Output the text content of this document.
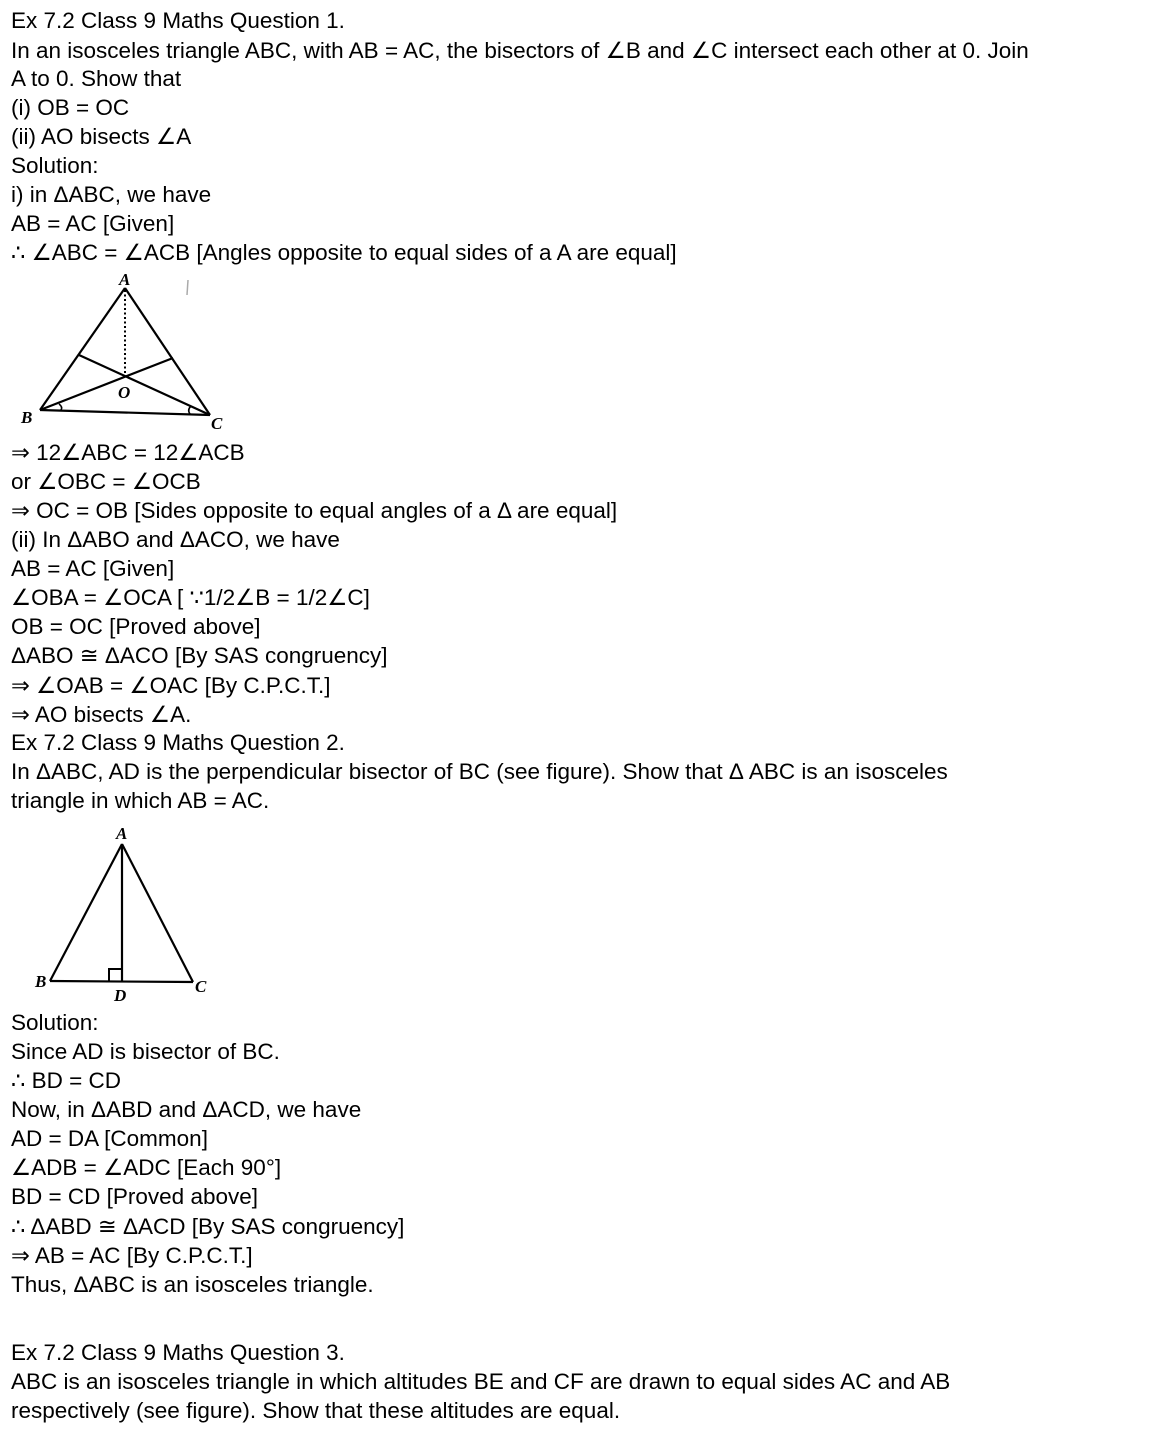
Ex 7.2 Class 9 Maths Question 1.
In an isosceles triangle ABC, with AB = AC, the bisectors of ∠B and ∠C intersect each other at 0. Join
A to 0. Show that
(i) OB = OC
(ii) AO bisects ∠A
Solution:
i) in ΔABC, we have
AB = AC [Given]
∴ ∠ABC = ∠ACB [Angles opposite to equal sides of a A are equal]
A
B	C
O
⇒ 12∠ABC = 12∠ACB
or ∠OBC = ∠OCB
⇒ OC = OB [Sides opposite to equal angles of a Δ are equal]
(ii) In ΔABO and ΔACO, we have
AB = AC [Given]
∠OBA = ∠OCA [ ∵1/2∠B = 1/2∠C]
OB = OC [Proved above]
ΔABO ≅ ΔACO [By SAS congruency]
⇒ ∠OAB = ∠OAC [By C.P.C.T.]
⇒ AO bisects ∠A.
Ex 7.2 Class 9 Maths Question 2.
In ΔABC, AD is the perpendicular bisector of BC (see figure). Show that Δ ABC is an isosceles
triangle in which AB = AC.
A
B	C
D
Solution:
Since AD is bisector of BC.
∴ BD = CD
Now, in ΔABD and ΔACD, we have
AD = DA [Common]
∠ADB = ∠ADC [Each 90°]
BD = CD [Proved above]
∴ ΔABD ≅ ΔACD [By SAS congruency]
⇒ AB = AC [By C.P.C.T.]
Thus, ΔABC is an isosceles triangle.
Ex 7.2 Class 9 Maths Question 3.
ABC is an isosceles triangle in which altitudes BE and CF are drawn to equal sides AC and AB
respectively (see figure). Show that these altitudes are equal.
